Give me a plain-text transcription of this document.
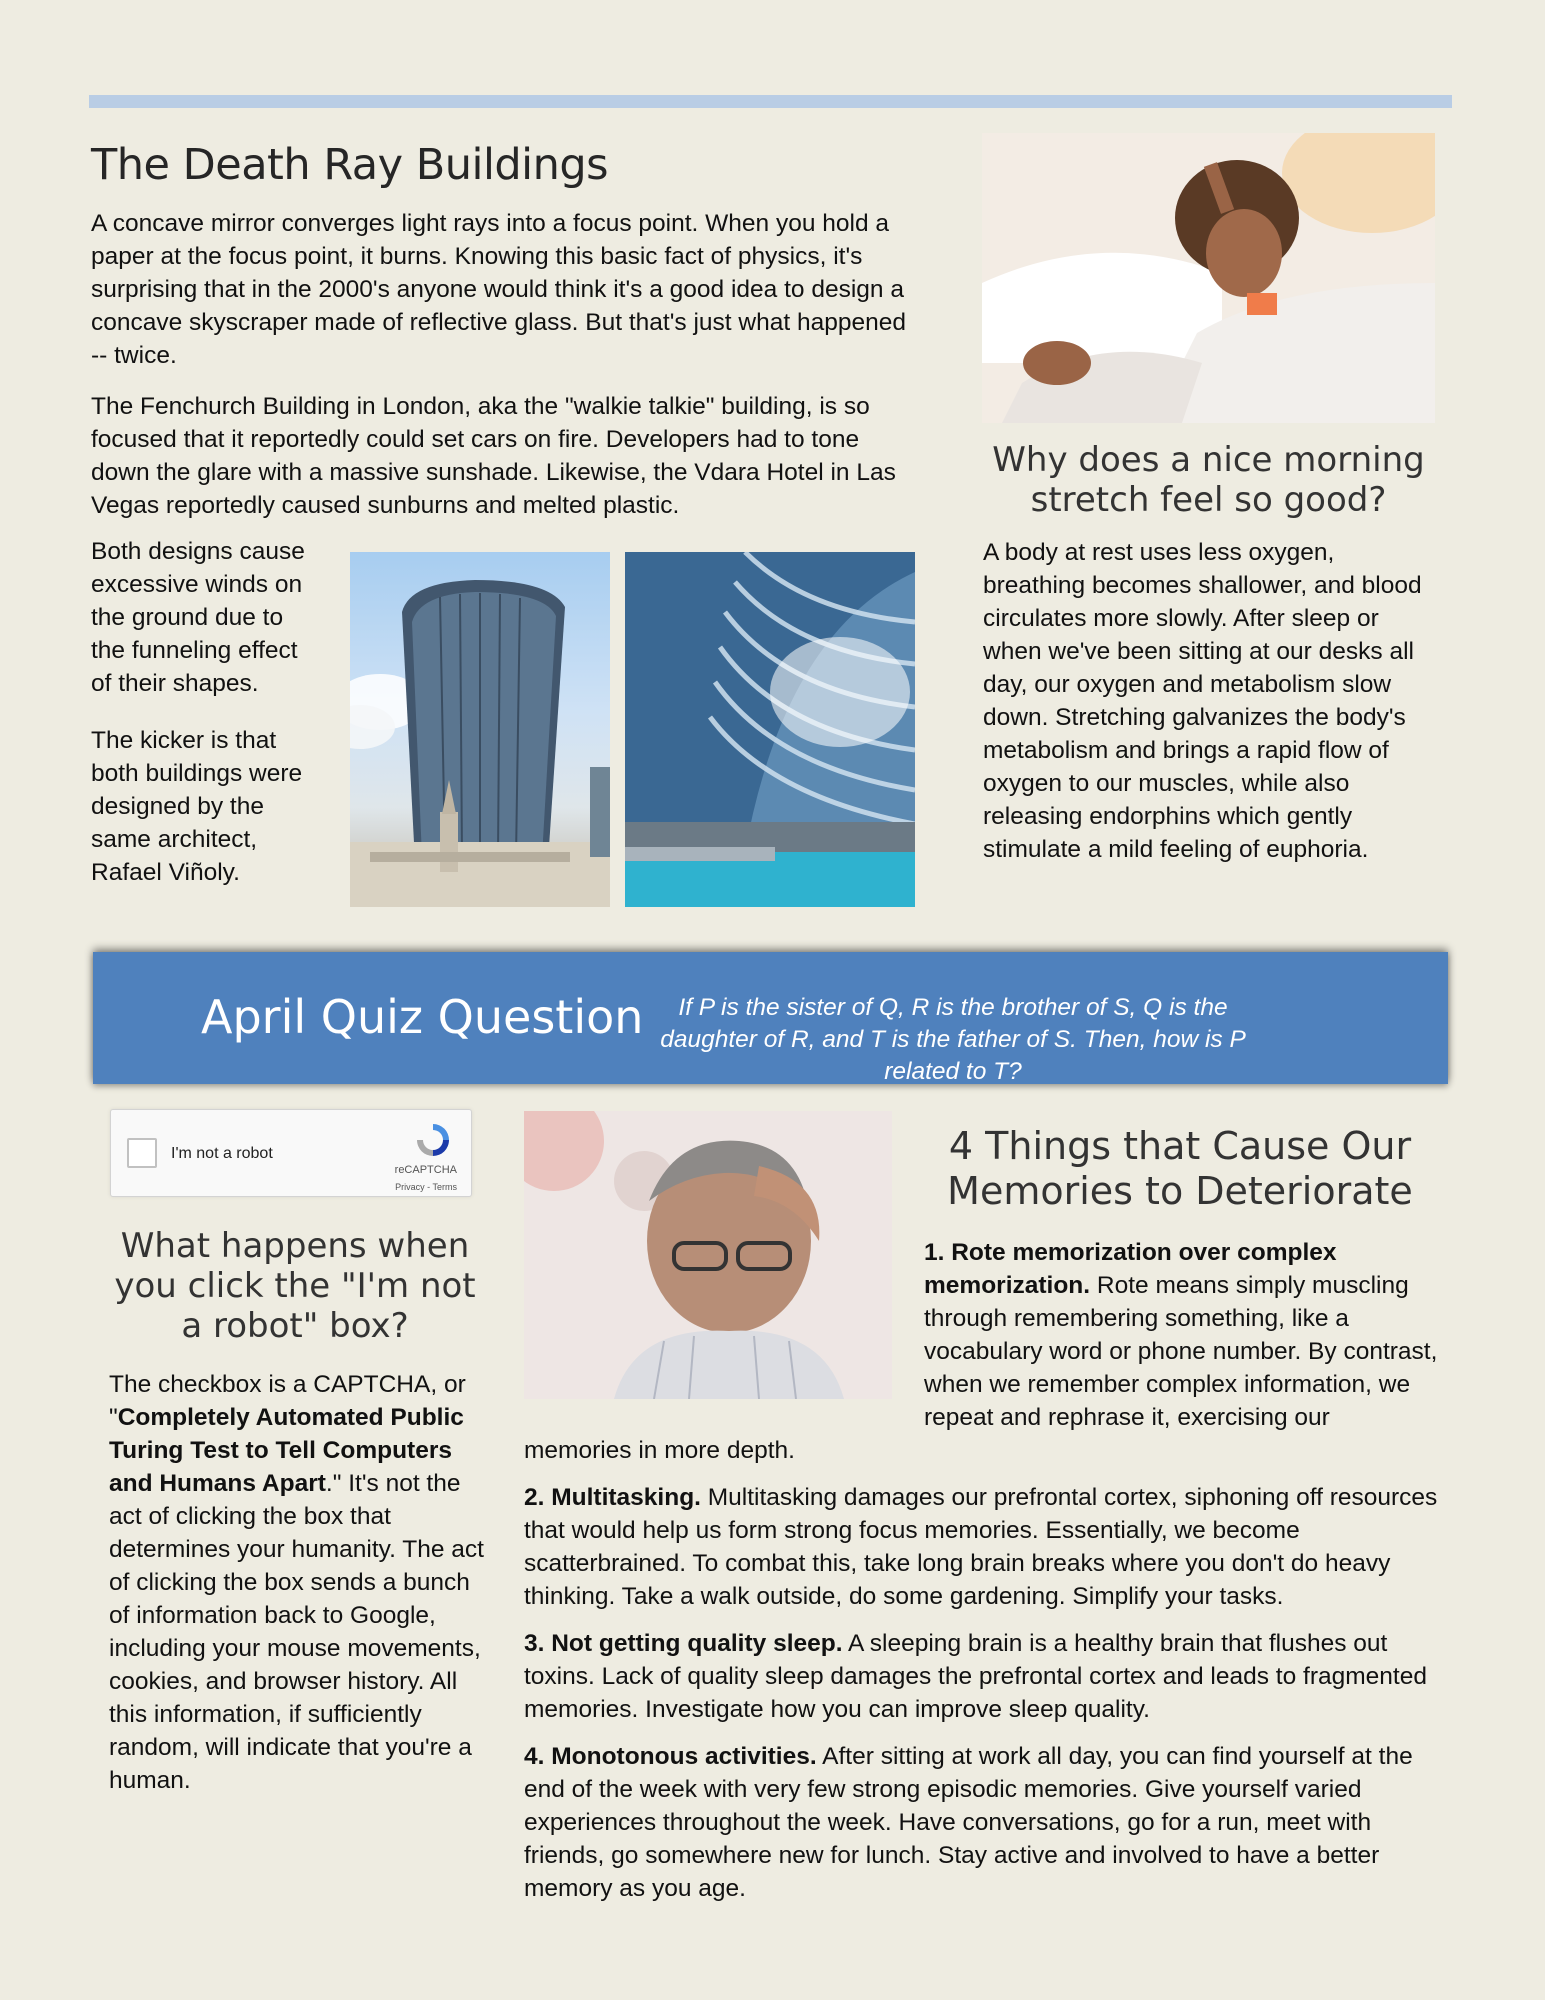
The Death Ray Buildings

A concave mirror converges light rays into a focus point. When you hold a paper at the focus point, it burns. Knowing this basic fact of physics, it's surprising that in the 2000's anyone would think it's a good idea to design a concave skyscraper made of reflective glass. But that's just what happened -- twice.

The Fenchurch Building in London, aka the "walkie talkie" building, is so focused that it reportedly could set cars on fire. Developers had to tone down the glare with a massive sunshade. Likewise, the Vdara Hotel in Las Vegas reportedly caused sunburns and melted plastic.

Both designs cause excessive winds on the ground due to the funneling effect of their shapes.

The kicker is that both buildings were designed by the same architect, Rafael Viñoly.

Why does a nice morning stretch feel so good?

A body at rest uses less oxygen, breathing becomes shallower, and blood circulates more slowly. After sleep or when we've been sitting at our desks all day, our oxygen and metabolism slow down. Stretching galvanizes the body's metabolism and brings a rapid flow of oxygen to our muscles, while also releasing endorphins which gently stimulate a mild feeling of euphoria.

April Quiz Question	If P is the sister of Q, R is the brother of S, Q is the daughter of R, and T is the father of S. Then, how is P related to T?

I'm not a robot
reCAPTCHA
Privacy - Terms
What happens when you click the "I'm not a robot" box?

The checkbox is a CAPTCHA, or "Completely Automated Public Turing Test to Tell Computers and Humans Apart." It's not the act of clicking the box that determines your humanity. The act of clicking the box sends a bunch of information back to Google, including your mouse movements, cookies, and browser history. All this information, if sufficiently random, will indicate that you're a human.

4 Things that Cause Our Memories to Deteriorate

1. Rote memorization over complex memorization. Rote means simply muscling through remembering something, like a vocabulary word or phone number. By contrast, when we remember complex information, we repeat and rephrase it, exercising our memories in more depth.

2. Multitasking. Multitasking damages our prefrontal cortex, siphoning off resources that would help us form strong focus memories. Essentially, we become scatterbrained. To combat this, take long brain breaks where you don't do heavy thinking. Take a walk outside, do some gardening. Simplify your tasks.

3. Not getting quality sleep. A sleeping brain is a healthy brain that flushes out toxins. Lack of quality sleep damages the prefrontal cortex and leads to fragmented memories. Investigate how you can improve sleep quality.

4. Monotonous activities. After sitting at work all day, you can find yourself at the end of the week with very few strong episodic memories. Give yourself varied experiences throughout the week. Have conversations, go for a run, meet with friends, go somewhere new for lunch. Stay active and involved to have a better memory as you age.
